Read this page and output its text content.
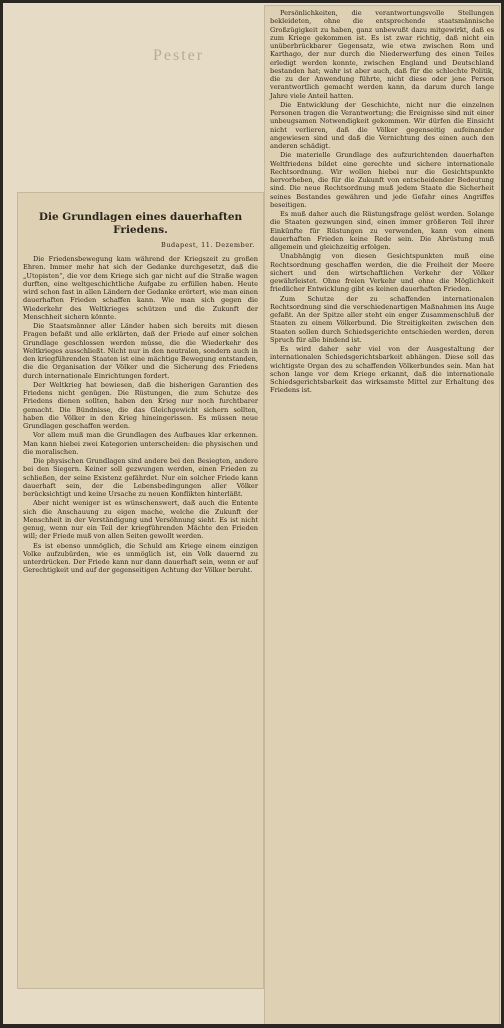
Pester

Persönlichkeiten, die verantwortungsvolle Stellungen bekleideten, ohne die entsprechende staatsmännische Großzügigkeit zu haben, ganz unbewußt dazu mitgewirkt, daß es zum Kriege gekommen ist. Es ist zwar richtig, daß nicht ein unüberbrückbarer Gegensatz, wie etwa zwischen Rom und Karthago, der nur durch die Niederwerfung des einen Teiles erledigt werden konnte, zwischen England und Deutschland bestanden hat; wahr ist aber auch, daß für die schlechte Politik, die zu der Anwendung führte, nicht diese oder jene Person verantwortlich gemacht werden kann, da darum durch lange Jahre viele Anteil hatten.

Die Entwicklung der Geschichte, nicht nur die einzelnen Personen tragen die Verantwortung; die Ereignisse sind mit einer unbeugsamen Notwendigkeit gekommen. Wir dürfen die Einsicht nicht verlieren, daß die Völker gegenseitig aufeinander angewiesen sind und daß die Vernichtung des einen auch den anderen schädigt.

Die materielle Grundlage des aufzurichtenden dauerhaften Weltfriedens bildet eine gerechte und sichere internationale Rechtsordnung. Wir wollen hiebei nur die Gesichtspunkte hervorheben, die für die Zukunft von entscheidender Bedeutung sind. Die neue Rechtsordnung muß jedem Staate die Sicherheit seines Bestandes gewähren und jede Gefahr eines Angriffes beseitigen.

Es muß daher auch die Rüstungsfrage gelöst werden. Solange die Staaten gezwungen sind, einen immer größeren Teil ihrer Einkünfte für Rüstungen zu verwenden, kann von einem dauerhaften Frieden keine Rede sein. Die Abrüstung muß allgemein und gleichzeitig erfolgen.

Unabhängig von diesen Gesichtspunkten muß eine Rechtsordnung geschaffen werden, die die Freiheit der Meere sichert und den wirtschaftlichen Verkehr der Völker gewährleistet. Ohne freien Verkehr und ohne die Möglichkeit friedlicher Entwicklung gibt es keinen dauerhaften Frieden.

Zum Schutze der zu schaffenden internationalen Rechtsordnung sind die verschiedenartigen Maßnahmen ins Auge gefaßt. An der Spitze aller steht ein enger Zusammenschluß der Staaten zu einem Völkerbund. Die Streitigkeiten zwischen den Staaten sollen durch Schiedsgerichte entschieden werden, deren Spruch für alle bindend ist.

Es wird daher sehr viel von der Ausgestaltung der internationalen Schiedsgerichtsbarkeit abhängen. Diese soll das wichtigste Organ des zu schaffenden Völkerbundes sein. Man hat schon lange vor dem Kriege erkannt, daß die internationale Schiedsgerichtsbarkeit das wirksamste Mittel zur Erhaltung des Friedens ist.

Die Grundlagen eines dauerhaften Friedens.
Budapest, 11. Dezember.

Die Friedensbewegung kam während der Kriegszeit zu großen Ehren. Immer mehr hat sich der Gedanke durchgesetzt, daß die „Utopisten“, die vor dem Kriege sich gar nicht auf die Straße wagen durften, eine weltgeschichtliche Aufgabe zu erfüllen haben. Heute wird schon fast in allen Ländern der Gedanke erörtert, wie man einen dauerhaften Frieden schaffen kann. Wie man sich gegen die Wiederkehr des Weltkrieges schützen und die Zukunft der Menschheit sichern könnte.

Die Staatsmänner aller Länder haben sich bereits mit diesen Fragen befaßt und alle erklärten, daß der Friede auf einer solchen Grundlage geschlossen werden müsse, die die Wiederkehr des Weltkrieges ausschließt. Nicht nur in den neutralen, sondern auch in den kriegführenden Staaten ist eine mächtige Bewegung entstanden, die die Organisation der Völker und die Sicherung des Friedens durch internationale Einrichtungen fordert.

Der Weltkrieg hat bewiesen, daß die bisherigen Garantien des Friedens nicht genügen. Die Rüstungen, die zum Schutze des Friedens dienen sollten, haben den Krieg nur noch furchtbarer gemacht. Die Bündnisse, die das Gleichgewicht sichern sollten, haben die Völker in den Krieg hineingerissen. Es müssen neue Grundlagen geschaffen werden.

Vor allem muß man die Grundlagen des Aufbaues klar erkennen. Man kann hiebei zwei Kategorien unterscheiden: die physischen und die moralischen.

Die physischen Grundlagen sind andere bei den Besiegten, andere bei den Siegern. Keiner soll gezwungen werden, einen Frieden zu schließen, der seine Existenz gefährdet. Nur ein solcher Friede kann dauerhaft sein, der die Lebensbedingungen aller Völker berücksichtigt und keine Ursache zu neuen Konflikten hinterläßt.

Aber nicht weniger ist es wünschenswert, daß auch die Entente sich die Anschauung zu eigen mache, welche die Zukunft der Menschheit in der Verständigung und Versöhnung sieht. Es ist nicht genug, wenn nur ein Teil der kriegführenden Mächte den Frieden will; der Friede muß von allen Seiten gewollt werden.

Es ist ebenso unmöglich, die Schuld am Kriege einem einzigen Volke aufzubürden, wie es unmöglich ist, ein Volk dauernd zu unterdrücken. Der Friede kann nur dann dauerhaft sein, wenn er auf Gerechtigkeit und auf der gegenseitigen Achtung der Völker beruht.
